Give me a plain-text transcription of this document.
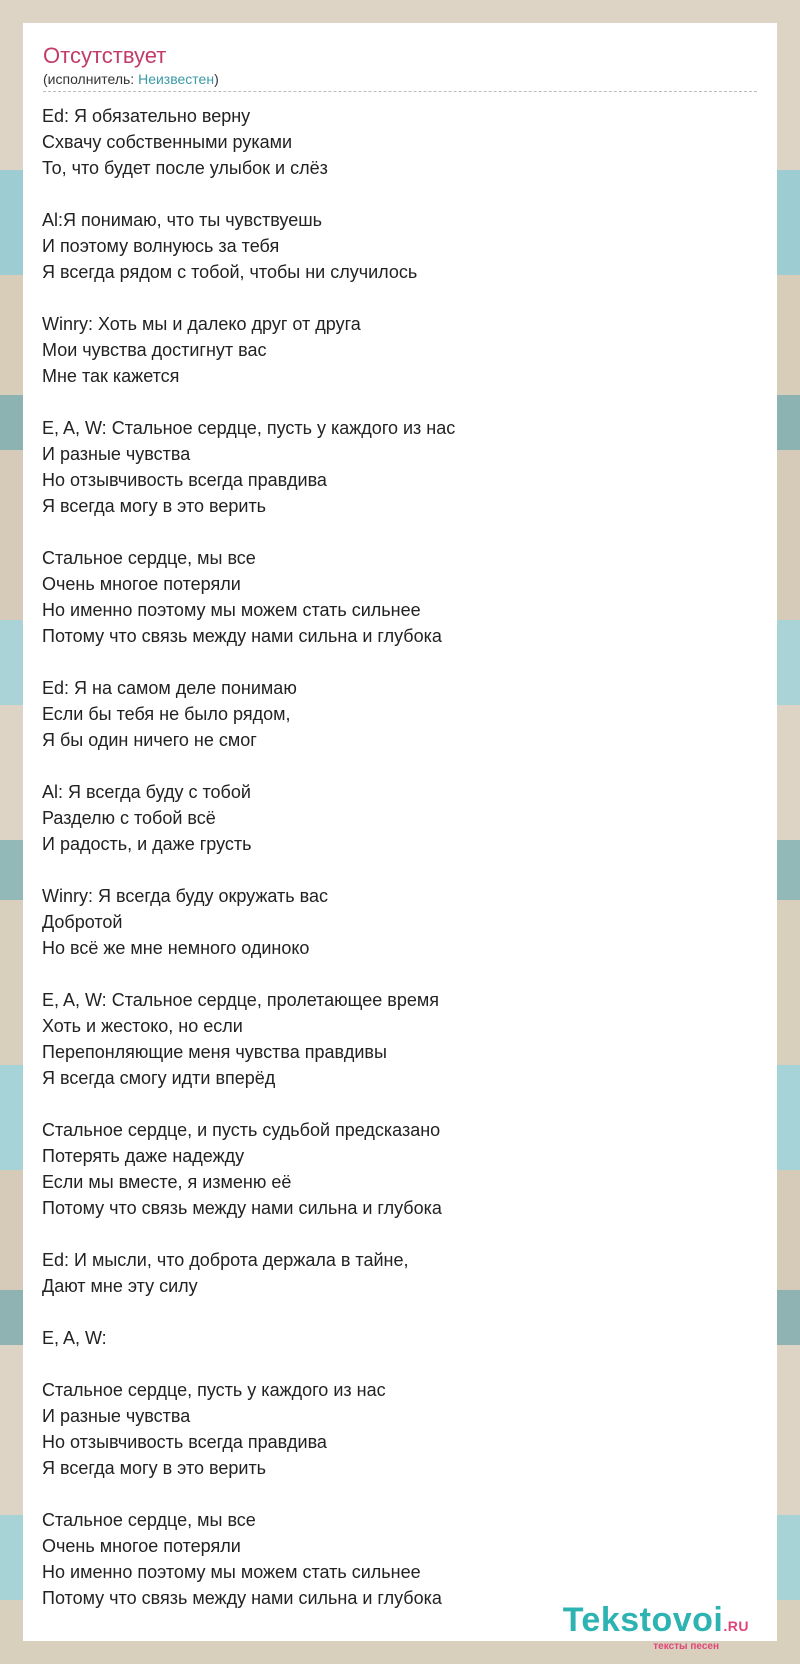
Отсутствует
(исполнитель: Неизвестен)
Ed: Я обязательно верну
Схвачу собственными руками
То, что будет после улыбок и слёз
Al:Я понимаю, что ты чувствуешь
И поэтому волнуюсь за тебя
Я всегда рядом с тобой, чтобы ни случилось
Winry: Хоть мы и далеко друг от друга
Мои чувства достигнут вас
Мне так кажется
E, A, W: Стальное сердце, пусть у каждого из нас
И разные чувства
Но отзывчивость всегда правдива
Я всегда могу в это верить
Стальное сердце, мы все
Очень многое потеряли
Но именно поэтому мы можем стать сильнее
Потому что связь между нами сильна и глубока
Ed: Я на самом деле понимаю
Если бы тебя не было рядом,
Я бы один ничего не смог
Al: Я всегда буду с тобой
Разделю с тобой всё
И радость, и даже грусть
Winry: Я всегда буду окружать вас
Добротой
Но всё же мне немного одиноко
E, A, W: Стальное сердце, пролетающее время
Хоть и жестоко, но если
Перепонляющие меня чувства правдивы
Я всегда смогу идти вперёд
Стальное сердце, и пусть судьбой предсказано
Потерять даже надежду
Если мы вместе, я изменю её
Потому что связь между нами сильна и глубока
Ed: И мысли, что доброта держала в тайне,
Дают мне эту силу
E, A, W:
Стальное сердце, пусть у каждого из нас
И разные чувства
Но отзывчивость всегда правдива
Я всегда могу в это верить
Стальное сердце, мы все
Очень многое потеряли
Но именно поэтому мы можем стать сильнее
Потому что связь между нами сильна и глубока
Tekstovoi.RU
тексты песен
